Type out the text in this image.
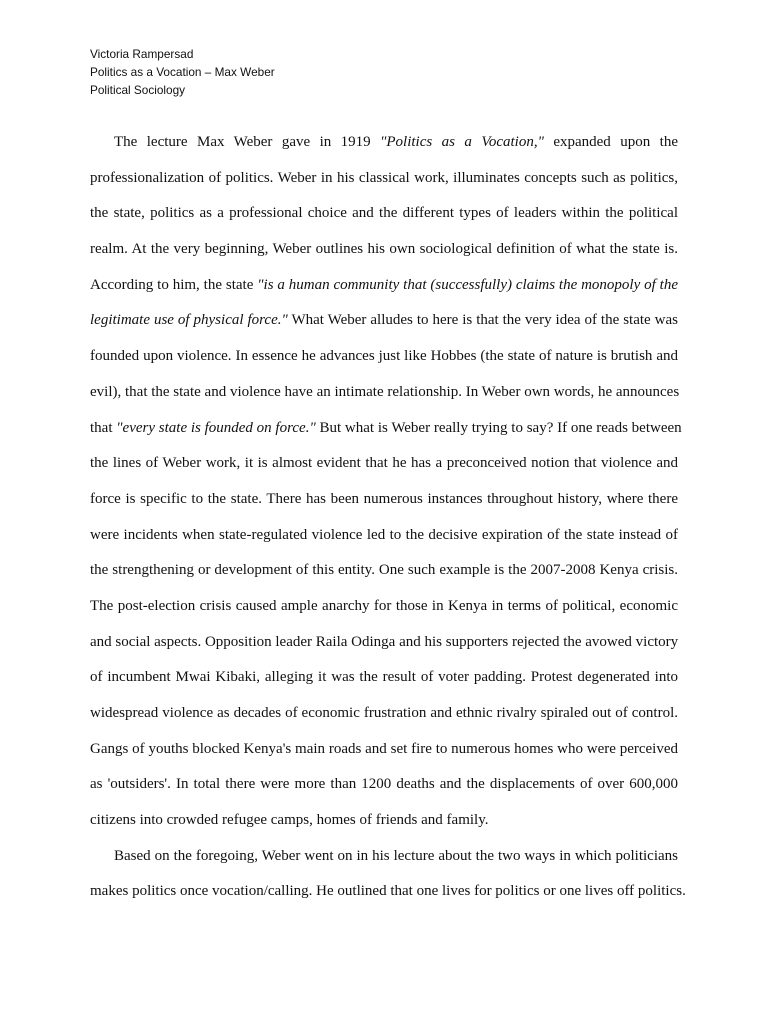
Victoria Rampersad
Politics as a Vocation – Max Weber
Political Sociology
The lecture Max Weber gave in 1919 "Politics as a Vocation," expanded upon the
professionalization of politics. Weber in his classical work, illuminates concepts such as politics,
the state, politics as a professional choice and the different types of leaders within the political
realm. At the very beginning, Weber outlines his own sociological definition of what the state is.
According to him, the state "is a human community that (successfully) claims the monopoly of the
legitimate use of physical force." What Weber alludes to here is that the very idea of the state was
founded upon violence. In essence he advances just like Hobbes (the state of nature is brutish and
evil), that the state and violence have an intimate relationship. In Weber own words, he announces
that "every state is founded on force." But what is Weber really trying to say? If one reads between
the lines of Weber work, it is almost evident that he has a preconceived notion that violence and
force is specific to the state. There has been numerous instances throughout history, where there
were incidents when state-regulated violence led to the decisive expiration of the state instead of
the strengthening or development of this entity. One such example is the 2007-2008 Kenya crisis.
The post-election crisis caused ample anarchy for those in Kenya in terms of political, economic
and social aspects. Opposition leader Raila Odinga and his supporters rejected the avowed victory
of incumbent Mwai Kibaki, alleging it was the result of voter padding. Protest degenerated into
widespread violence as decades of economic frustration and ethnic rivalry spiraled out of control.
Gangs of youths blocked Kenya's main roads and set fire to numerous homes who were perceived
as 'outsiders'. In total there were more than 1200 deaths and the displacements of over 600,000
citizens into crowded refugee camps, homes of friends and family.
Based on the foregoing, Weber went on in his lecture about the two ways in which politicians
makes politics once vocation/calling. He outlined that one lives for politics or one lives off politics.
